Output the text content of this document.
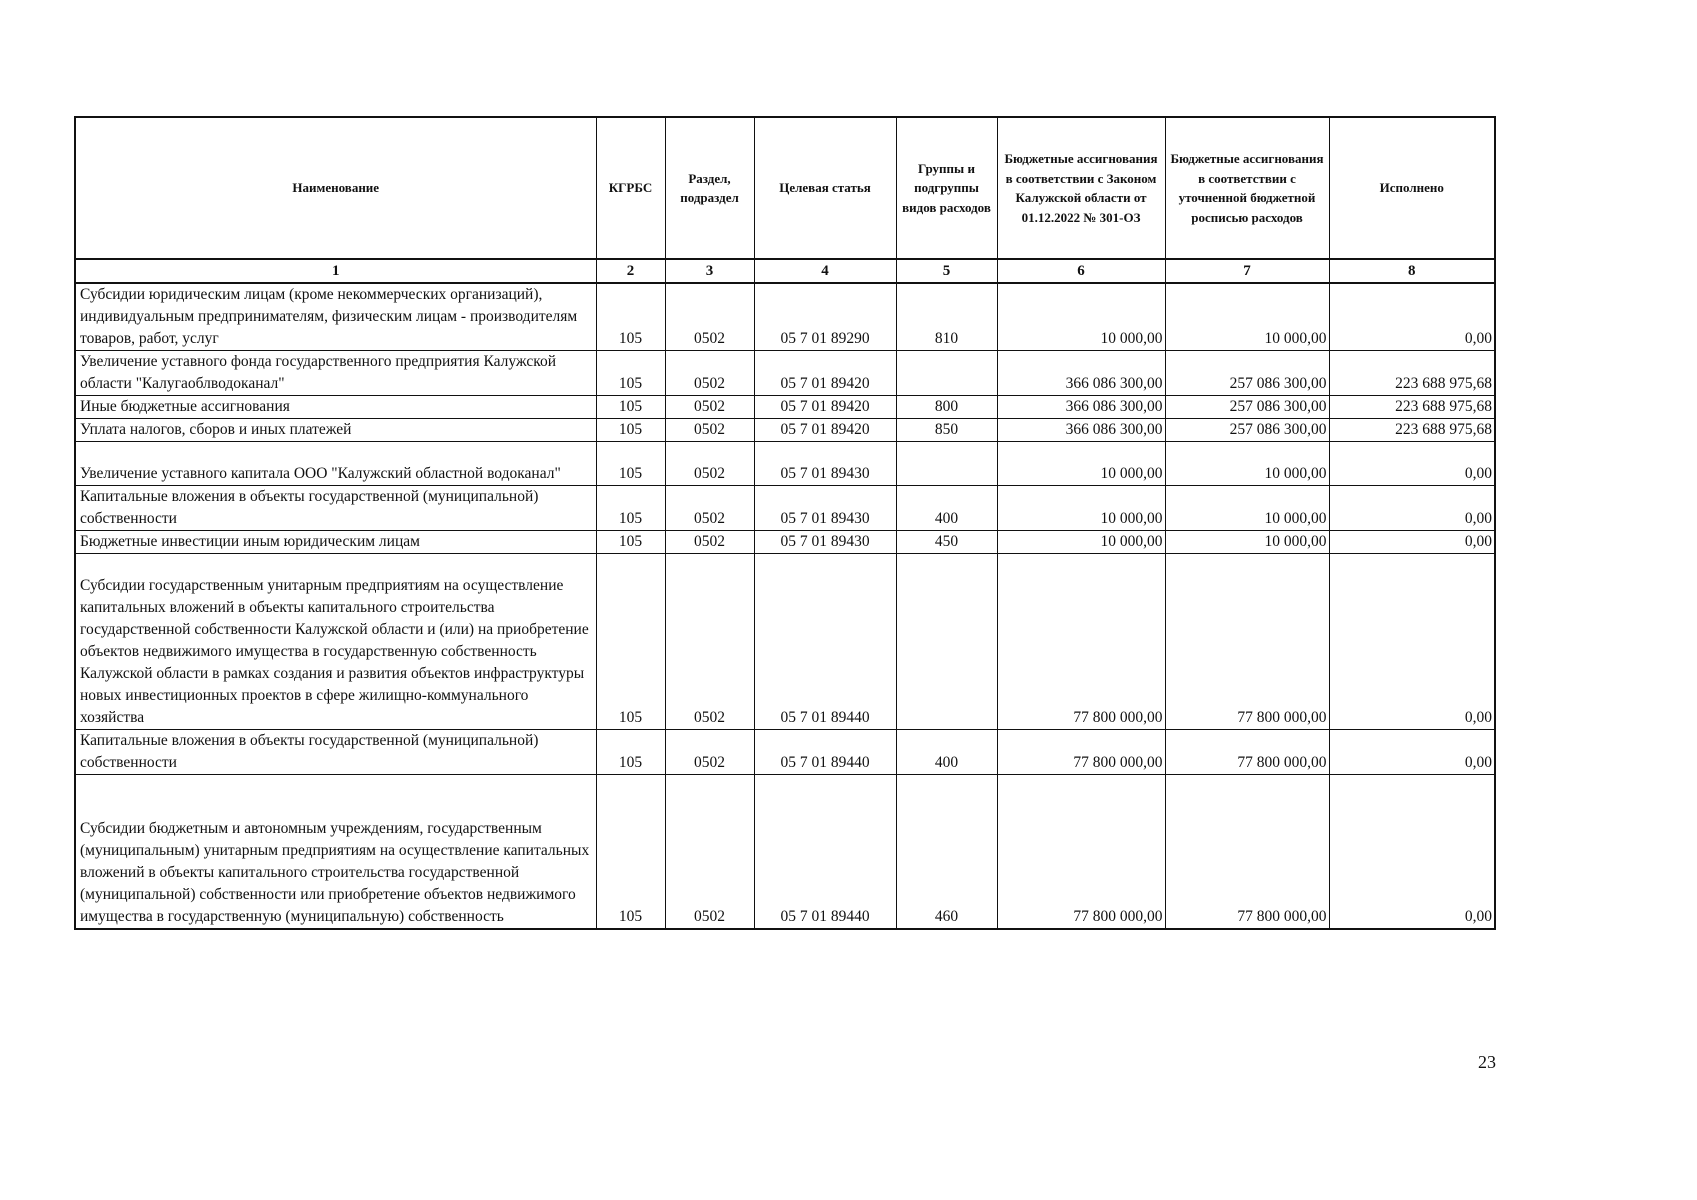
Наименование	КГРБС	Раздел, подраздел	Целевая статья	Группы и подгруппы видов расходов	Бюджетные ассигнования в соответствии с Законом Калужской области от 01.12.2022 № 301-ОЗ	Бюджетные ассигнования в соответствии с уточненной бюджетной росписью расходов	Исполнено
1	2	3	4	5	6	7	8
Субсидии юридическим лицам (кроме некоммерческих организаций), индивидуальным предпринимателям, физическим лицам - производителям товаров, работ, услуг	105	0502	05 7 01 89290	810	10 000,00	10 000,00	0,00
Увеличение уставного фонда государственного предприятия Калужской области "Калугаоблводоканал"	105	0502	05 7 01 89420		366 086 300,00	257 086 300,00	223 688 975,68
Иные бюджетные ассигнования	105	0502	05 7 01 89420	800	366 086 300,00	257 086 300,00	223 688 975,68
Уплата налогов, сборов и иных платежей	105	0502	05 7 01 89420	850	366 086 300,00	257 086 300,00	223 688 975,68
Увеличение уставного капитала ООО "Калужский областной водоканал"	105	0502	05 7 01 89430		10 000,00	10 000,00	0,00
Капитальные вложения в объекты государственной (муниципальной) собственности	105	0502	05 7 01 89430	400	10 000,00	10 000,00	0,00
Бюджетные инвестиции иным юридическим лицам	105	0502	05 7 01 89430	450	10 000,00	10 000,00	0,00
Субсидии государственным унитарным предприятиям на осуществление капитальных вложений в объекты капитального строительства государственной собственности Калужской области и (или) на приобретение объектов недвижимого имущества в государственную собственность Калужской области в рамках создания и развития объектов инфраструктуры новых инвестиционных проектов в сфере жилищно-коммунального хозяйства	105	0502	05 7 01 89440		77 800 000,00	77 800 000,00	0,00
Капитальные вложения в объекты государственной (муниципальной) собственности	105	0502	05 7 01 89440	400	77 800 000,00	77 800 000,00	0,00
Субсидии бюджетным и автономным учреждениям, государственным (муниципальным) унитарным предприятиям на осуществление капитальных вложений в объекты капитального строительства государственной (муниципальной) собственности или приобретение объектов недвижимого имущества в государственную (муниципальную) собственность	105	0502	05 7 01 89440	460	77 800 000,00	77 800 000,00	0,00
23
